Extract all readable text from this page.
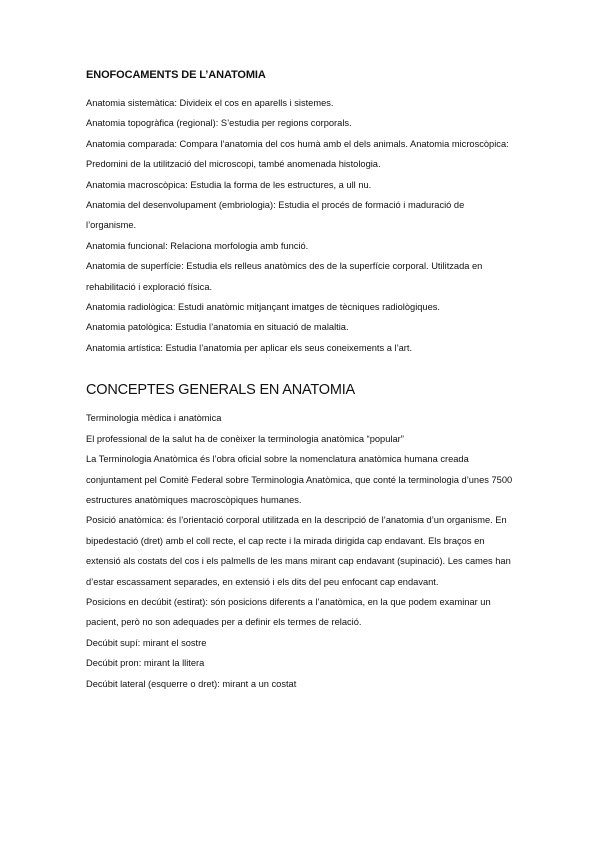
ENOFOCAMENTS DE L’ANATOMIA

Anatomia sistemàtica: Divideix el cos en aparells i sistemes.

Anatomia topogràfica (regional): S’estudia per regions corporals.

Anatomia comparada: Compara l’anatomia del cos humà amb el dels animals. Anatomia microscòpica: Predomini de la utilització del microscopi, també anomenada histologia.

Anatomia macroscòpica: Estudia la forma de les estructures, a ull nu.

Anatomia del desenvolupament (embriologia): Estudia el procés de formació i maduració de l’organisme.

Anatomia funcional: Relaciona morfologia amb funció.

Anatomia de superfície: Estudia els relleus anatòmics des de la superfície corporal. Utilitzada en rehabilitació i exploració física.

Anatomia radiològica: Estudi anatòmic mitjançant imatges de tècniques radiològiques.

Anatomia patològica: Estudia l’anatomia en situació de malaltia.

Anatomia artística: Estudia l’anatomia per aplicar els seus coneixements a l’art.

CONCEPTES GENERALS EN ANATOMIA

Terminologia mèdica i anatòmica

El professional de la salut ha de conèixer la terminologia anatòmica “popular”

La Terminologia Anatòmica és l’obra oficial sobre la nomenclatura anatòmica humana creada conjuntament pel Comitè Federal sobre Terminologia Anatòmica, que conté la terminologia d’unes 7500 estructures anatòmiques macroscòpiques humanes.

Posició anatòmica: és l’orientació corporal utilitzada en la descripció de l’anatomia d’un organisme. En bipedestació (dret) amb el coll recte, el cap recte i la mirada dirigida cap endavant. Els braços en extensió als costats del cos i els palmells de les mans mirant cap endavant (supinació). Les cames han d’estar escassament separades, en extensió i els dits del peu enfocant cap endavant.

Posicions en decúbit (estirat): són posicions diferents a l’anatòmica, en la que podem examinar un pacient, però no son adequades per a definir els termes de relació.

Decúbit supí: mirant el sostre

Decúbit pron: mirant la llitera

Decúbit lateral (esquerre o dret): mirant a un costat
